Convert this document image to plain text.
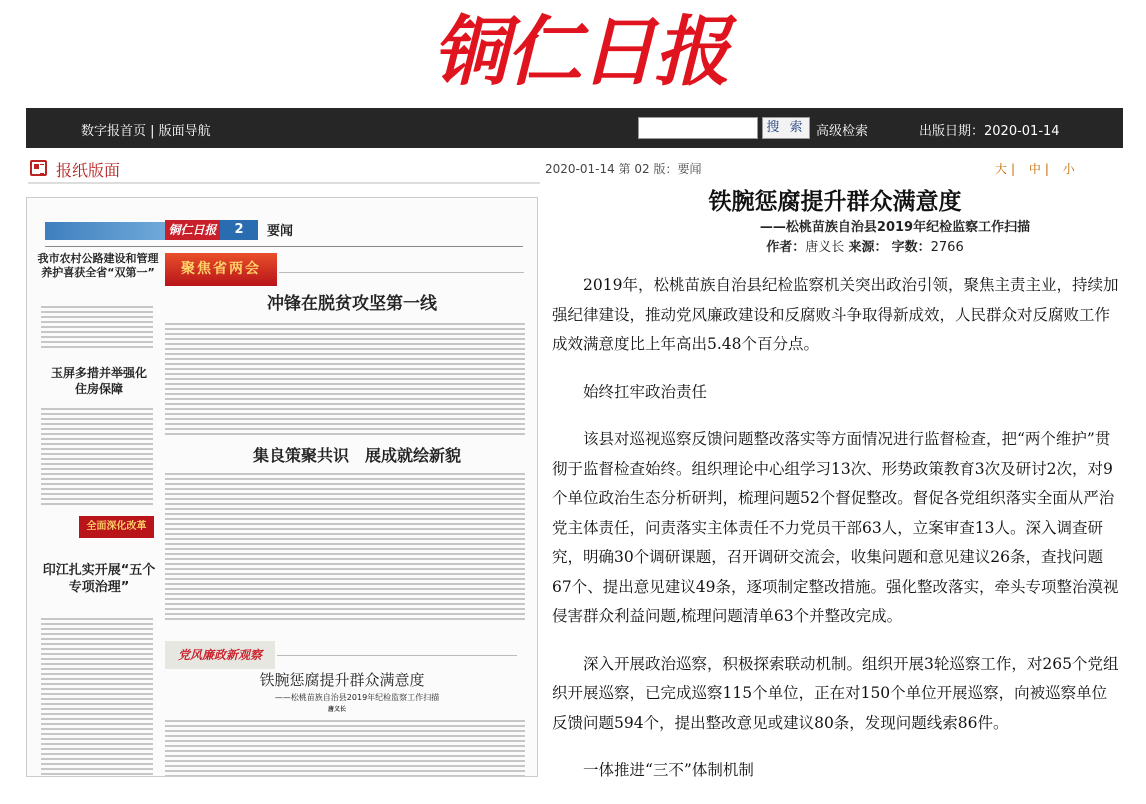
铜仁日报
数字报首页 | 版面导航	搜 索 高级检索	出版日期：2020-01-14
报纸版面
铜仁日报	2	要闻
我市农村公路建设和管理养护喜获全省“双第一”
玉屏多措并举强化住房保障
全面深化改革
印江扎实开展“五个专项治理”
聚焦省两会
冲锋在脱贫攻坚第一线
集良策聚共识　展成就绘新貌
党风廉政新观察
铁腕惩腐提升群众满意度
——松桃苗族自治县2019年纪检监察工作扫描
唐义长
2020-01-14 第 02 版：要闻	大 | 中 | 小
铁腕惩腐提升群众满意度
——松桃苗族自治县2019年纪检监察工作扫描
作者：唐义长 来源： 字数：2766

2019年，松桃苗族自治县纪检监察机关突出政治引领，聚焦主责主业，持续加强纪律建设，推动党风廉政建设和反腐败斗争取得新成效，人民群众对反腐败工作成效满意度比上年高出5.48个百分点。

始终扛牢政治责任

该县对巡视巡察反馈问题整改落实等方面情况进行监督检查，把“两个维护”贯彻于监督检查始终。组织理论中心组学习13次、形势政策教育3次及研讨2次，对9个单位政治生态分析研判，梳理问题52个督促整改。督促各党组织落实全面从严治党主体责任，问责落实主体责任不力党员干部63人，立案审查13人。深入调查研究，明确30个调研课题，召开调研交流会，收集问题和意见建议26条，查找问题67个、提出意见建议49条，逐项制定整改措施。强化整改落实，牵头专项整治漠视侵害群众利益问题,梳理问题清单63个并整改完成。

深入开展政治巡察，积极探索联动机制。组织开展3轮巡察工作，对265个党组织开展巡察，已完成巡察115个单位，正在对150个单位开展巡察，向被巡察单位反馈问题594个，提出整改意见或建议80条，发现问题线索86件。

一体推进“三不”体制机制
